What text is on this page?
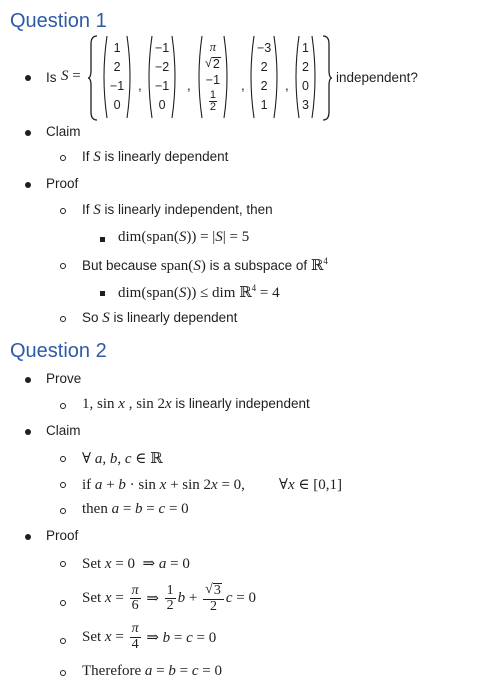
Question 1
Is S =
1
2
−1
0
,
−1
−2
−1
0
,
π
√ 2
−1
$\frac{1}{2}$
,
−3
2
2
1
,
1
2
0
3
independent?
Claim
If S is linearly dependent
Proof
If S is linearly independent, then
dim(span(S)) = |S| = 5
But because span(S) is a subspace of ℝ$^4$
dim(span(S)) ≤ dim ℝ$^4$ = 4
So S is linearly dependent
Question 2
Prove
1, sin x , sin 2x is linearly independent
Claim
∀ a, b, c ∈ ℝ
if a + b · sin x + sin 2x = 0, ∀x ∈ [0,1]
then a = b = c = 0
Proof
Set x = 0  ⇒ a = 0
Set $x = \frac{\pi}{6}$ ⇒
1
2 $b + \frac{√ 3}{2}$ c = 0
Set $x = \frac{\pi}{4}$ ⇒ b = c = 0
Therefore a = b = c = 0
